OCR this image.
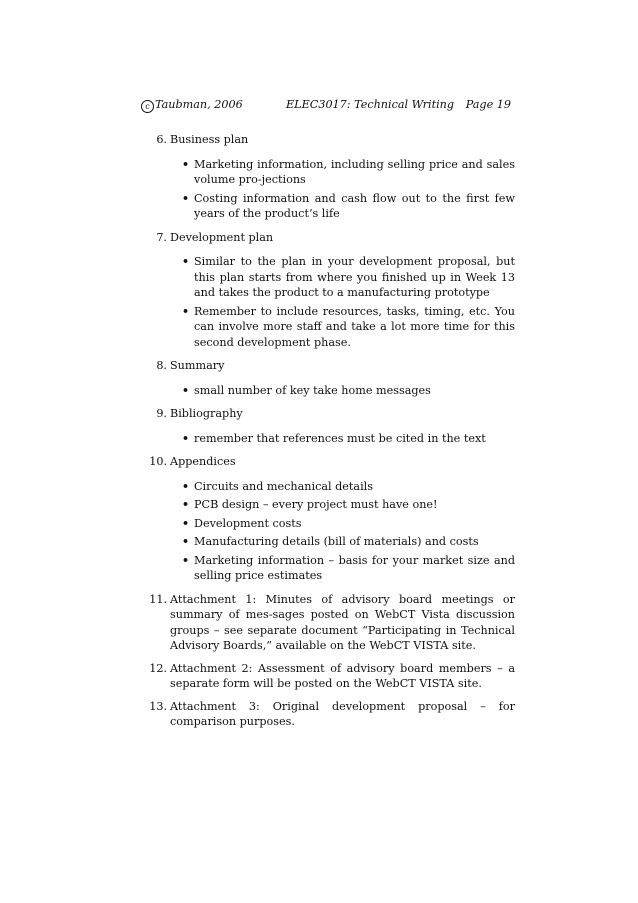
c Taubman, 2006	ELEC3017: Technical Writing Page 19
6. Business plan
• Marketing information, including selling price and sales volume pro-jections
• Costing information and cash flow out to the first few years of the product’s life
7. Development plan
• Similar to the plan in your development proposal, but this plan starts from where you finished up in Week 13 and takes the product to a manufacturing prototype
• Remember to include resources, tasks, timing, etc. You can involve more staff and take a lot more time for this second development phase.
8. Summary
• small number of key take home messages
9. Bibliography
• remember that references must be cited in the text
10. Appendices
• Circuits and mechanical details
• PCB design – every project must have one!
• Development costs
• Manufacturing details (bill of materials) and costs
• Marketing information – basis for your market size and selling price estimates
11. Attachment 1: Minutes of advisory board meetings or summary of mes-sages posted on WebCT Vista discussion groups – see separate document “Participating in Technical Advisory Boards,” available on the WebCT VISTA site.
12. Attachment 2: Assessment of advisory board members – a separate form will be posted on the WebCT VISTA site.
13. Attachment 3: Original development proposal – for comparison purposes.
